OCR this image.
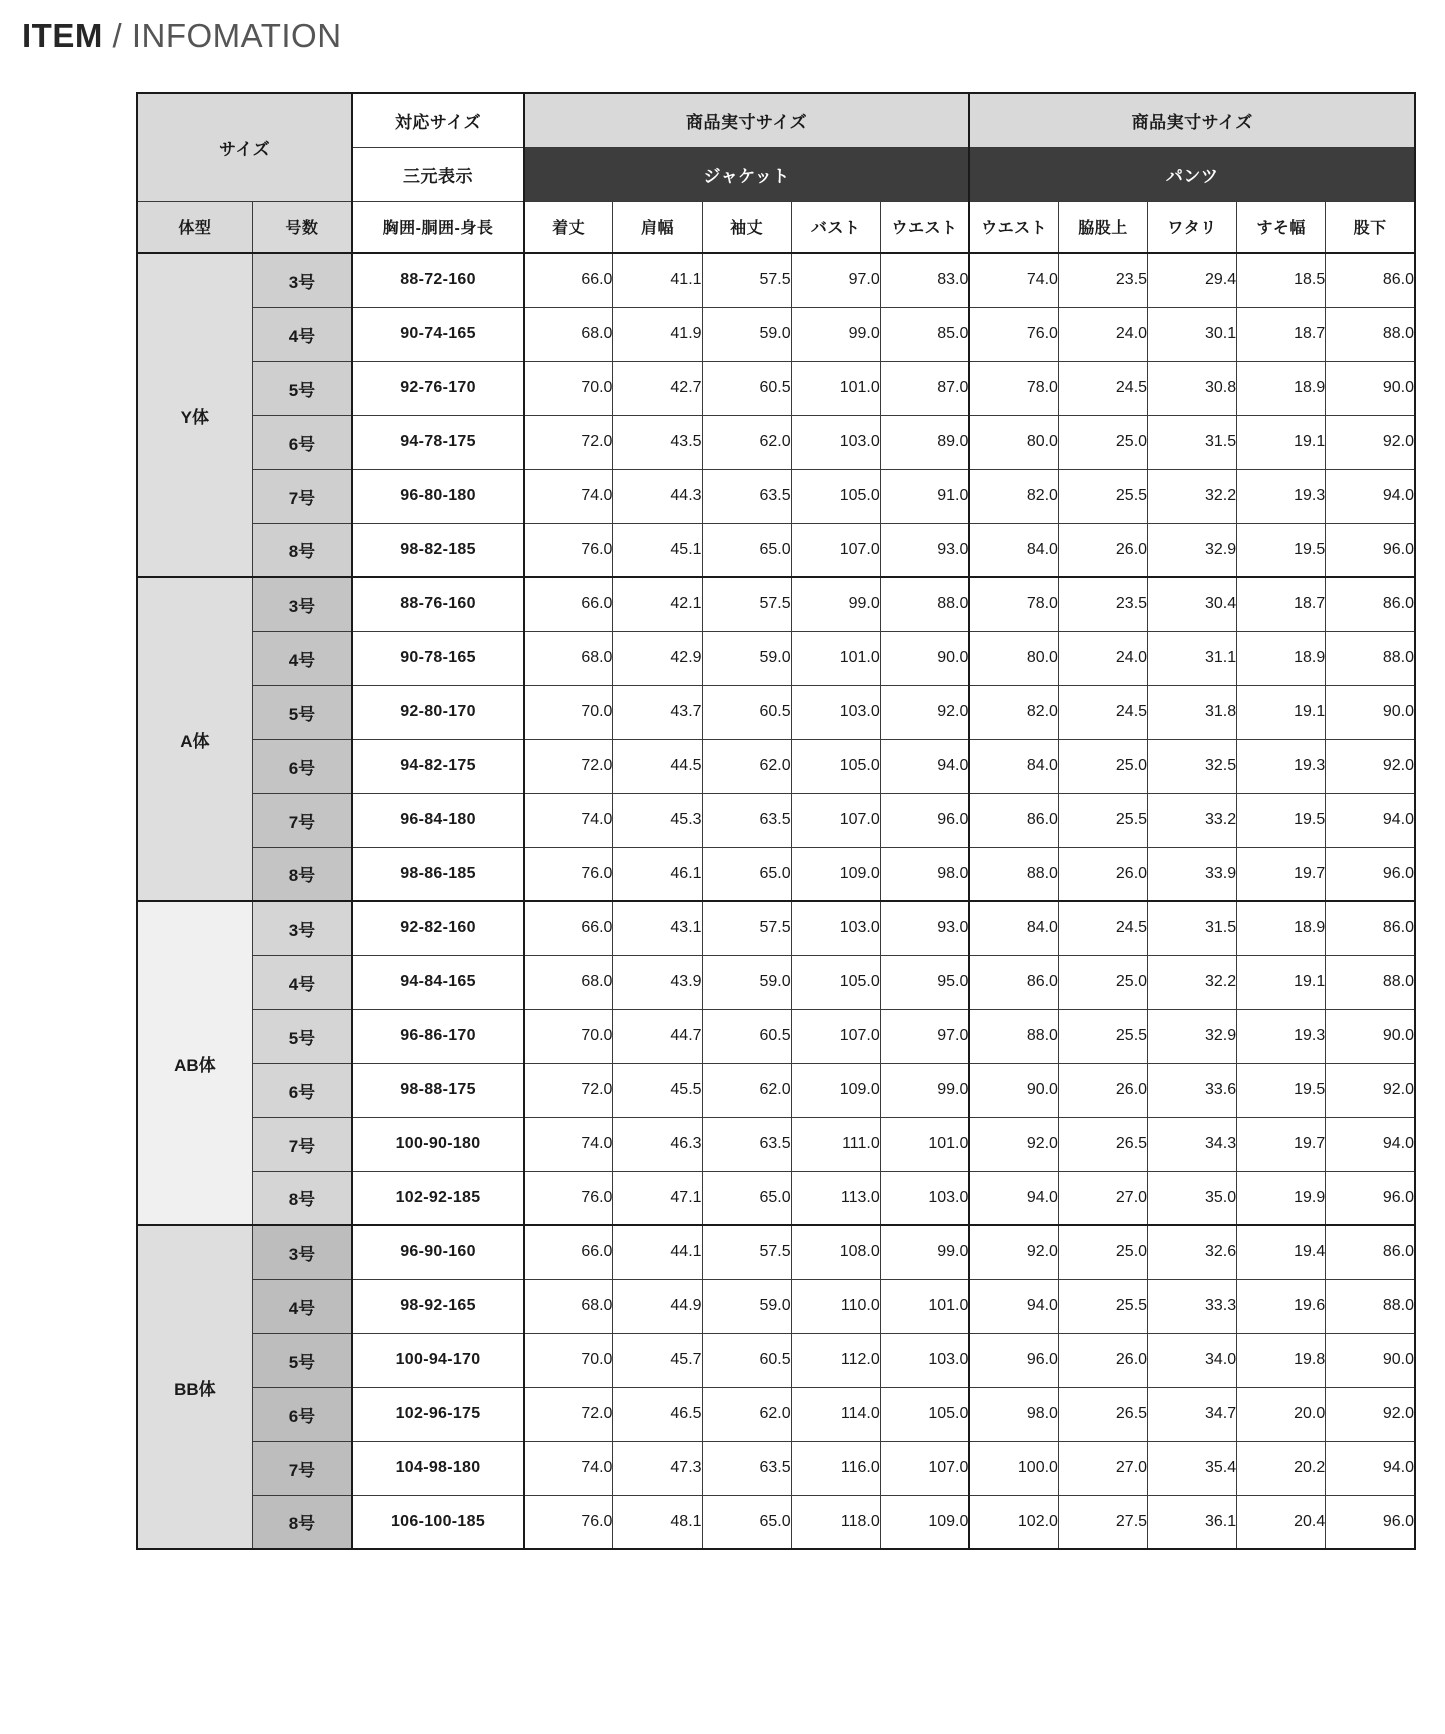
ITEM / INFOMATION
サイズ		対応サイズ	商品実寸サイズ					商品実寸サイズ				
		三元表示	ジャケット					パンツ				
体型	号数	胸囲-胴囲-身長	着丈	肩幅	袖丈	バスト	ウエスト	ウエスト	脇股上	ワタリ	すそ幅	股下
Y体	3号	88-72-160	66.0	41.1	57.5	97.0	83.0	74.0	23.5	29.4	18.5	86.0
	4号	90-74-165	68.0	41.9	59.0	99.0	85.0	76.0	24.0	30.1	18.7	88.0
	5号	92-76-170	70.0	42.7	60.5	101.0	87.0	78.0	24.5	30.8	18.9	90.0
	6号	94-78-175	72.0	43.5	62.0	103.0	89.0	80.0	25.0	31.5	19.1	92.0
	7号	96-80-180	74.0	44.3	63.5	105.0	91.0	82.0	25.5	32.2	19.3	94.0
	8号	98-82-185	76.0	45.1	65.0	107.0	93.0	84.0	26.0	32.9	19.5	96.0
A体	3号	88-76-160	66.0	42.1	57.5	99.0	88.0	78.0	23.5	30.4	18.7	86.0
	4号	90-78-165	68.0	42.9	59.0	101.0	90.0	80.0	24.0	31.1	18.9	88.0
	5号	92-80-170	70.0	43.7	60.5	103.0	92.0	82.0	24.5	31.8	19.1	90.0
	6号	94-82-175	72.0	44.5	62.0	105.0	94.0	84.0	25.0	32.5	19.3	92.0
	7号	96-84-180	74.0	45.3	63.5	107.0	96.0	86.0	25.5	33.2	19.5	94.0
	8号	98-86-185	76.0	46.1	65.0	109.0	98.0	88.0	26.0	33.9	19.7	96.0
AB体	3号	92-82-160	66.0	43.1	57.5	103.0	93.0	84.0	24.5	31.5	18.9	86.0
	4号	94-84-165	68.0	43.9	59.0	105.0	95.0	86.0	25.0	32.2	19.1	88.0
	5号	96-86-170	70.0	44.7	60.5	107.0	97.0	88.0	25.5	32.9	19.3	90.0
	6号	98-88-175	72.0	45.5	62.0	109.0	99.0	90.0	26.0	33.6	19.5	92.0
	7号	100-90-180	74.0	46.3	63.5	111.0	101.0	92.0	26.5	34.3	19.7	94.0
	8号	102-92-185	76.0	47.1	65.0	113.0	103.0	94.0	27.0	35.0	19.9	96.0
BB体	3号	96-90-160	66.0	44.1	57.5	108.0	99.0	92.0	25.0	32.6	19.4	86.0
	4号	98-92-165	68.0	44.9	59.0	110.0	101.0	94.0	25.5	33.3	19.6	88.0
	5号	100-94-170	70.0	45.7	60.5	112.0	103.0	96.0	26.0	34.0	19.8	90.0
	6号	102-96-175	72.0	46.5	62.0	114.0	105.0	98.0	26.5	34.7	20.0	92.0
	7号	104-98-180	74.0	47.3	63.5	116.0	107.0	100.0	27.0	35.4	20.2	94.0
	8号	106-100-185	76.0	48.1	65.0	118.0	109.0	102.0	27.5	36.1	20.4	96.0
